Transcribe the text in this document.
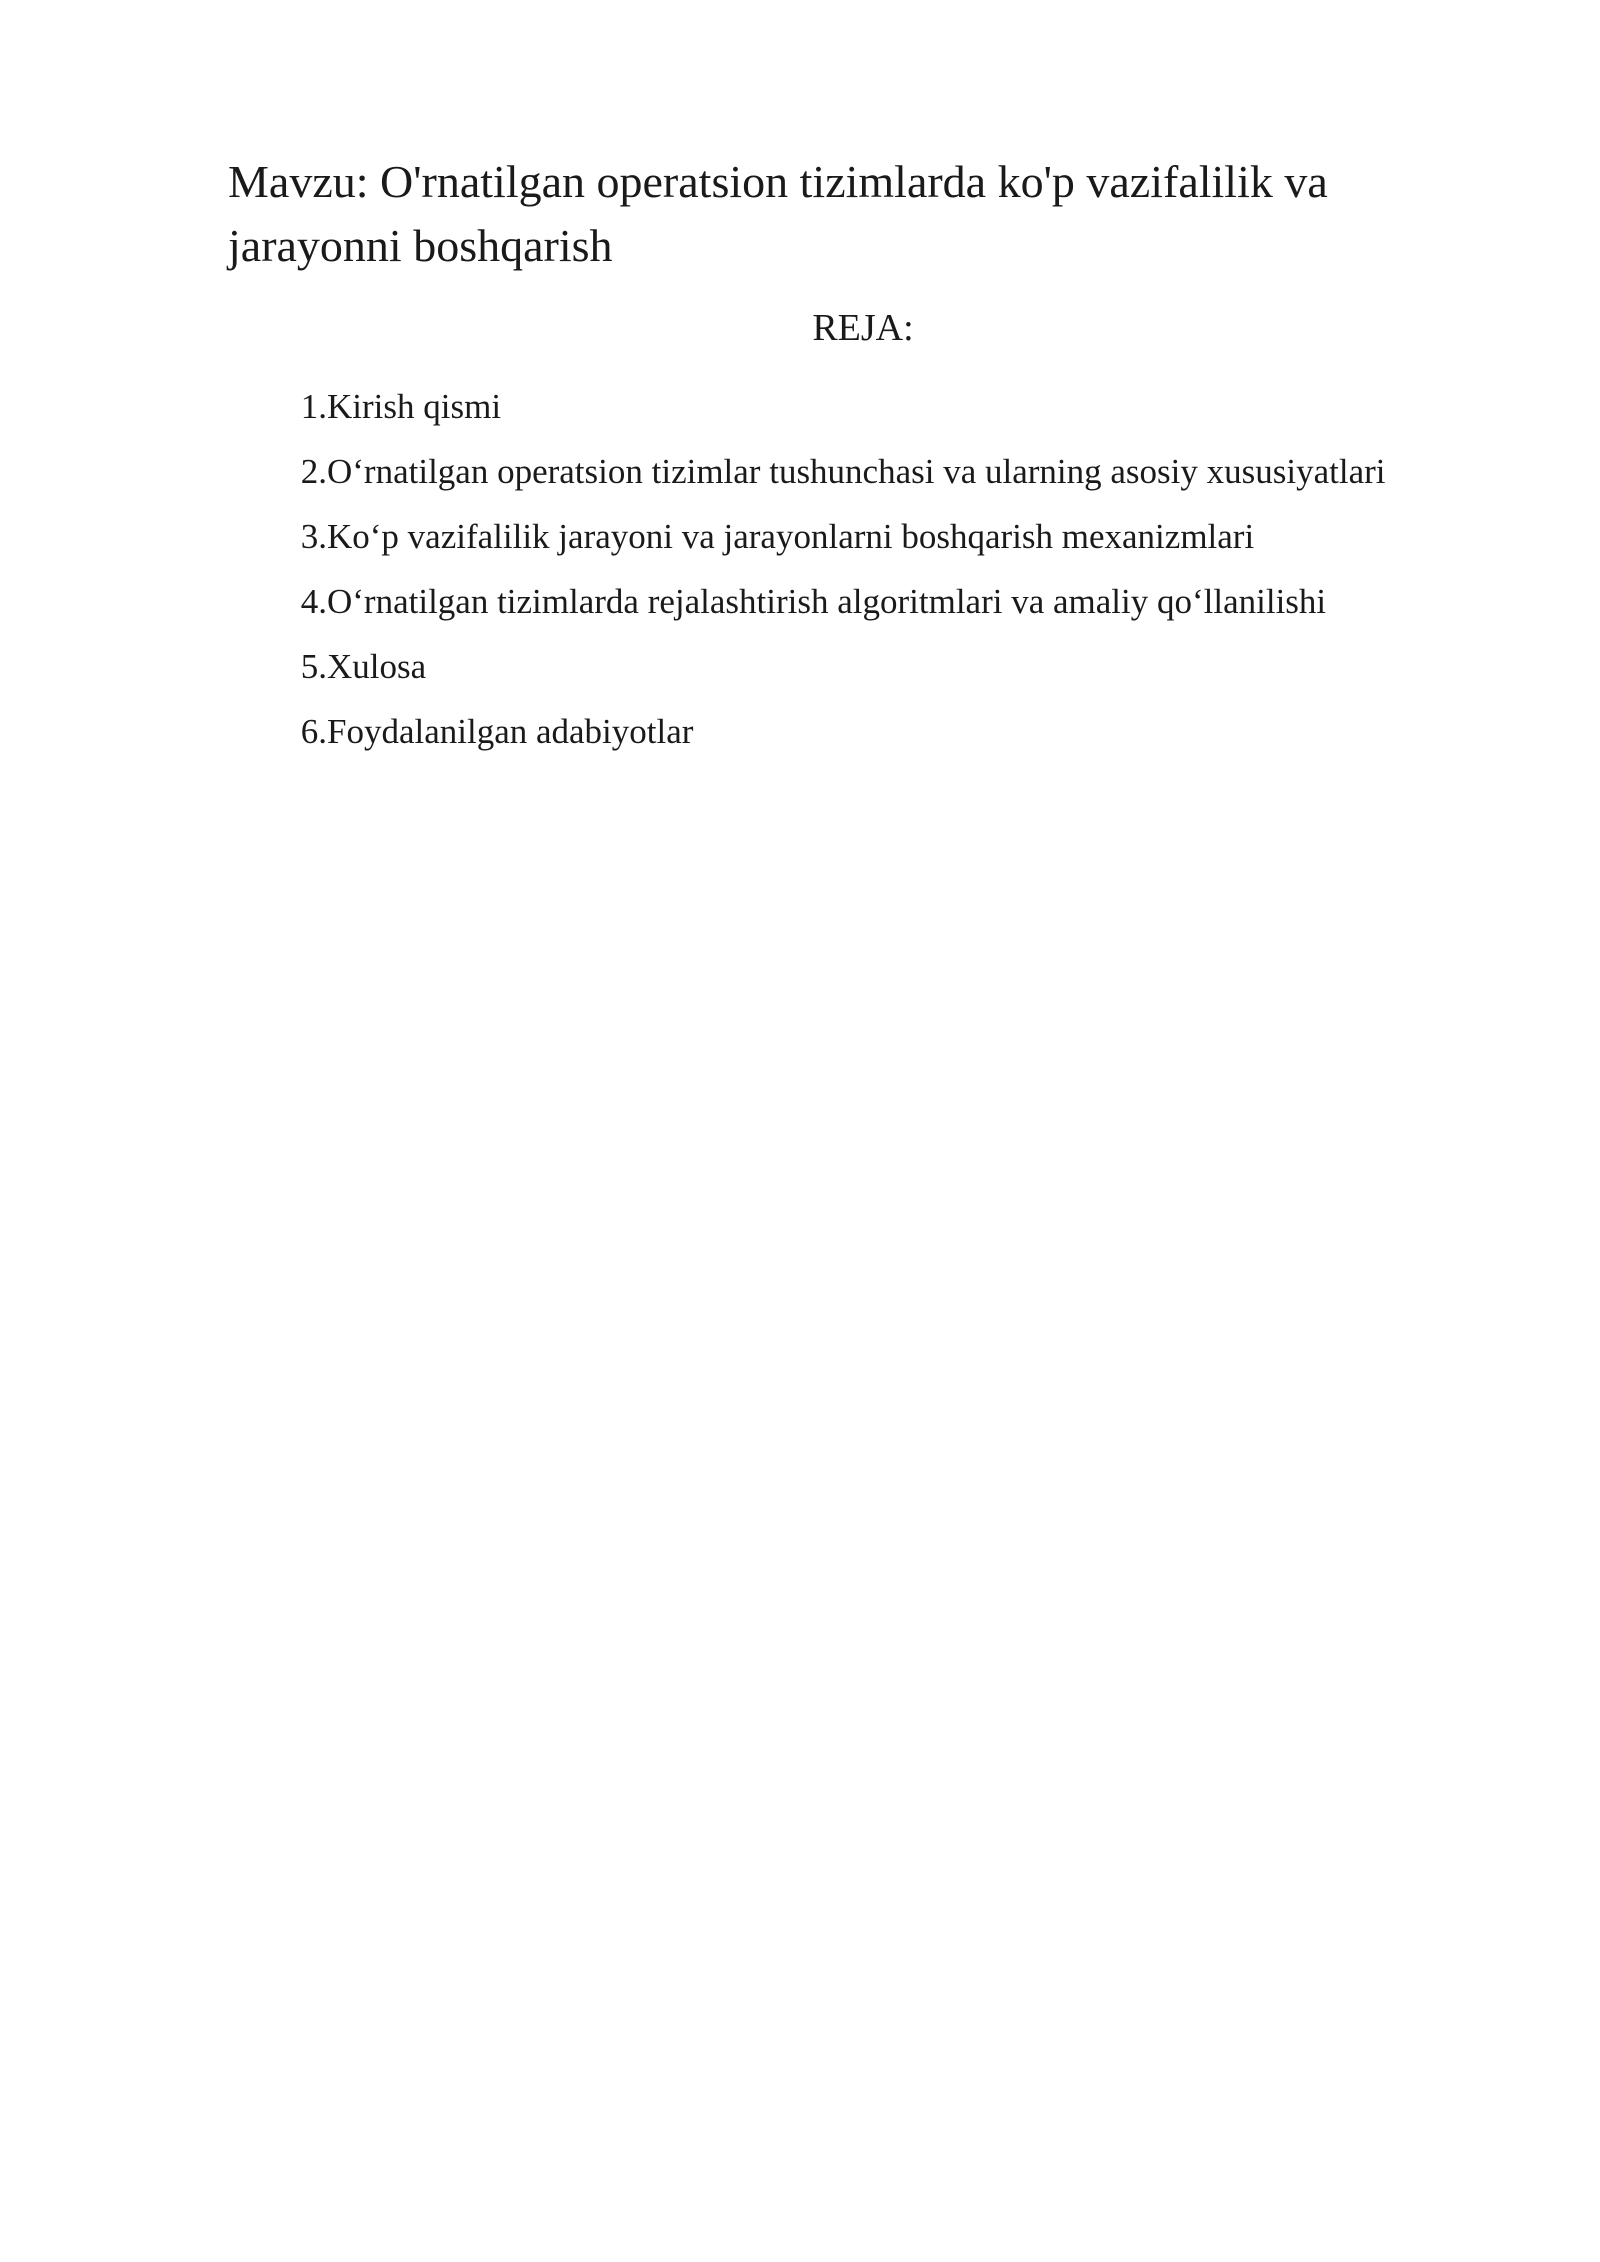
Mavzu: O'rnatilgan operatsion tizimlarda ko'p vazifalilik va jarayonni boshqarish
REJA:
1. Kirish qismi
2. O‘rnatilgan operatsion tizimlar tushunchasi va ularning asosiy xususiyatlari
3. Ko‘p vazifalilik jarayoni va jarayonlarni boshqarish mexanizmlari
4. O‘rnatilgan tizimlarda rejalashtirish algoritmlari va amaliy qo‘llanilishi
5. Xulosa
6. Foydalanilgan adabiyotlar
